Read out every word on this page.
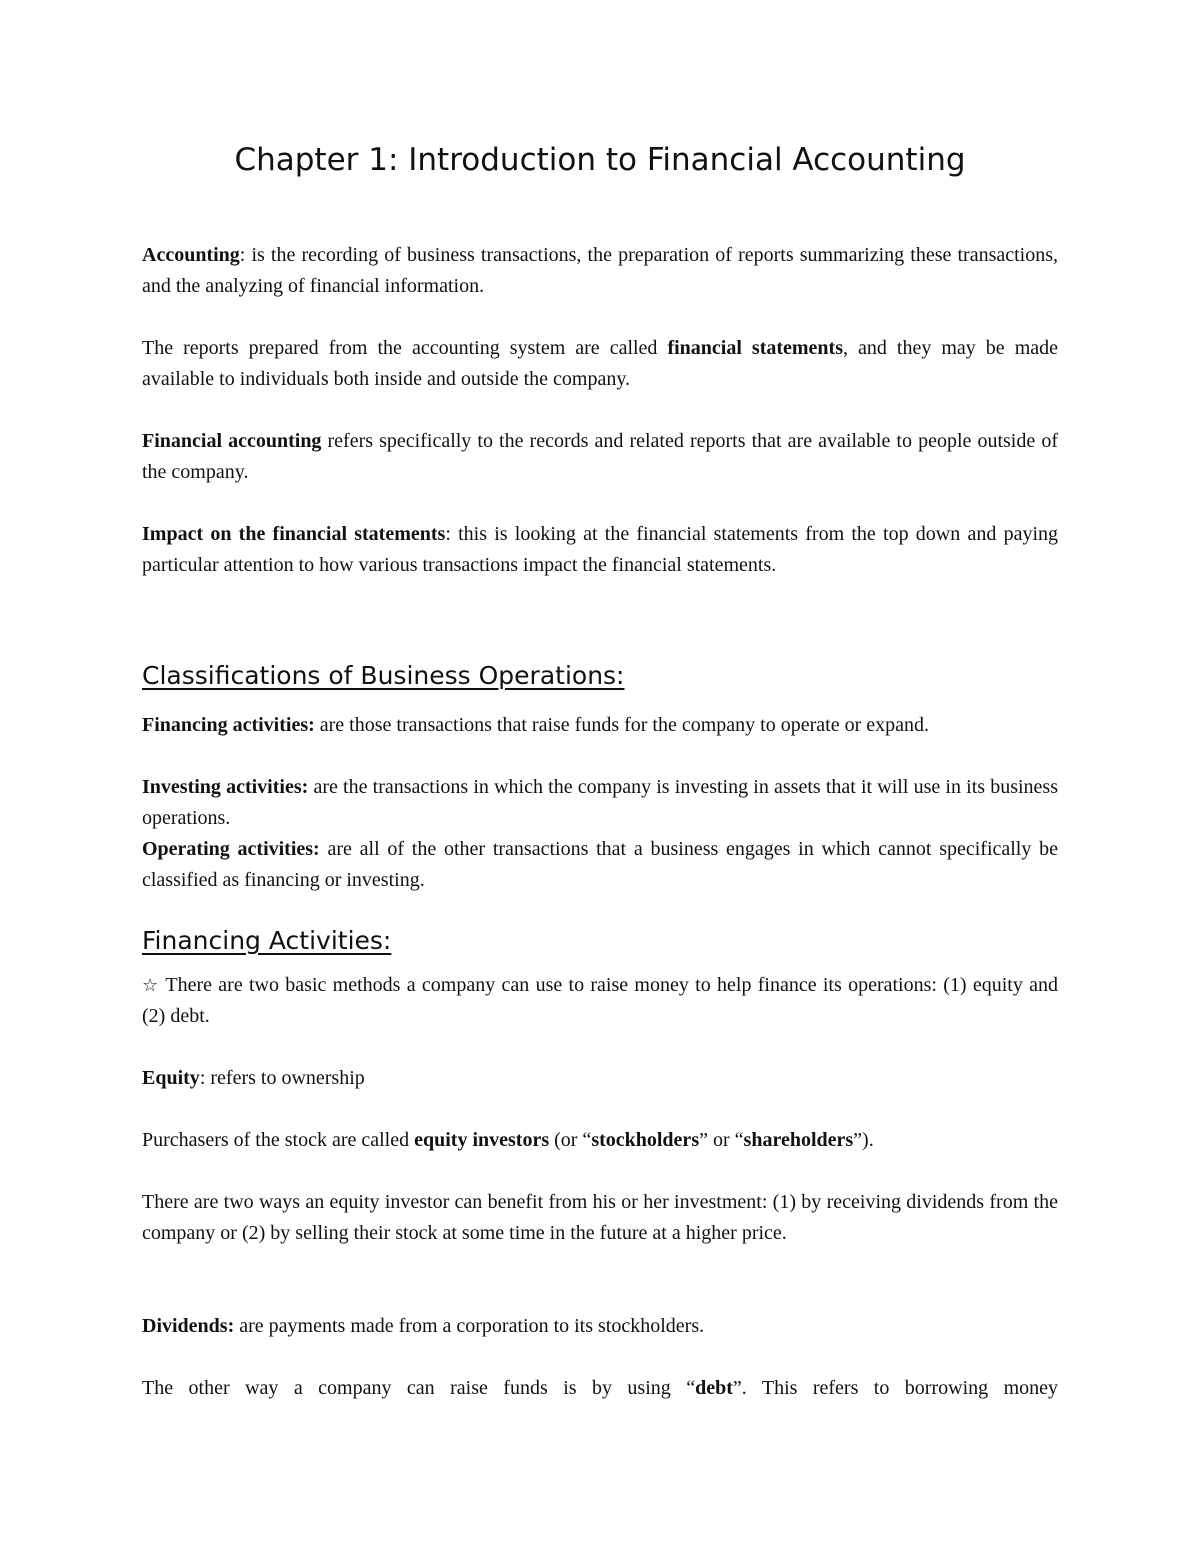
Chapter 1: Introduction to Financial Accounting

Accounting: is the recording of business transactions, the preparation of reports summarizing these transactions, and the analyzing of financial information.

The reports prepared from the accounting system are called financial statements, and they may be made available to individuals both inside and outside the company.

Financial accounting refers specifically to the records and related reports that are available to people outside of the company.

Impact on the financial statements: this is looking at the financial statements from the top down and paying particular attention to how various transactions impact the financial statements.

Classifications of Business Operations:

Financing activities: are those transactions that raise funds for the company to operate or expand.

Investing activities: are the transactions in which the company is investing in assets that it will use in its business operations.

Operating activities: are all of the other transactions that a business engages in which cannot specifically be classified as financing or investing.

Financing Activities:

☆ There are two basic methods a company can use to raise money to help finance its operations: (1) equity and (2) debt.

Equity: refers to ownership

Purchasers of the stock are called equity investors (or “stockholders” or “shareholders”).

There are two ways an equity investor can benefit from his or her investment: (1) by receiving dividends from the company or (2) by selling their stock at some time in the future at a higher price.

Dividends: are payments made from a corporation to its stockholders.

The other way a company can raise funds is by using “debt”. This refers to borrowing money
